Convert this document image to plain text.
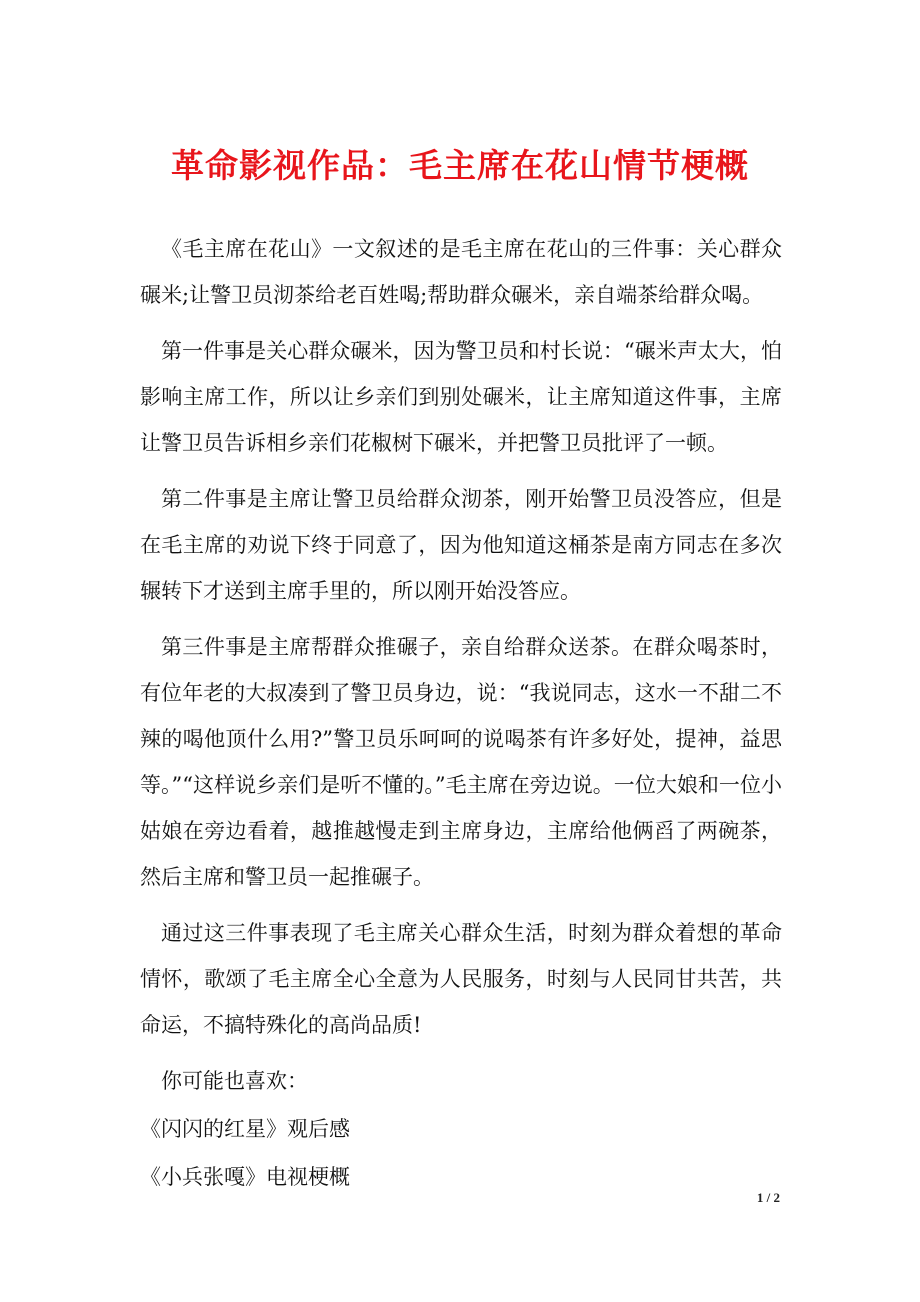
革命影视作品：毛主席在花山情节梗概

《毛主席在花山》一文叙述的是毛主席在花山的三件事：关心群众碾米;让警卫员沏茶给老百姓喝;帮助群众碾米，亲自端茶给群众喝。

第一件事是关心群众碾米，因为警卫员和村长说：“碾米声太大，怕影响主席工作，所以让乡亲们到别处碾米，让主席知道这件事，主席让警卫员告诉相乡亲们花椒树下碾米，并把警卫员批评了一顿。

第二件事是主席让警卫员给群众沏茶，刚开始警卫员没答应，但是在毛主席的劝说下终于同意了，因为他知道这桶茶是南方同志在多次辗转下才送到主席手里的，所以刚开始没答应。

第三件事是主席帮群众推碾子，亲自给群众送茶。在群众喝茶时，有位年老的大叔凑到了警卫员身边，说：“我说同志，这水一不甜二不辣的喝他顶什么用?”警卫员乐呵呵的说喝茶有许多好处，提神，益思等。”“这样说乡亲们是听不懂的。”毛主席在旁边说。一位大娘和一位小姑娘在旁边看着，越推越慢走到主席身边，主席给他俩舀了两碗茶，然后主席和警卫员一起推碾子。

通过这三件事表现了毛主席关心群众生活，时刻为群众着想的革命情怀，歌颂了毛主席全心全意为人民服务，时刻与人民同甘共苦，共命运，不搞特殊化的高尚品质!

你可能也喜欢：

《闪闪的红星》观后感
《小兵张嘎》电视梗概
1 / 2
